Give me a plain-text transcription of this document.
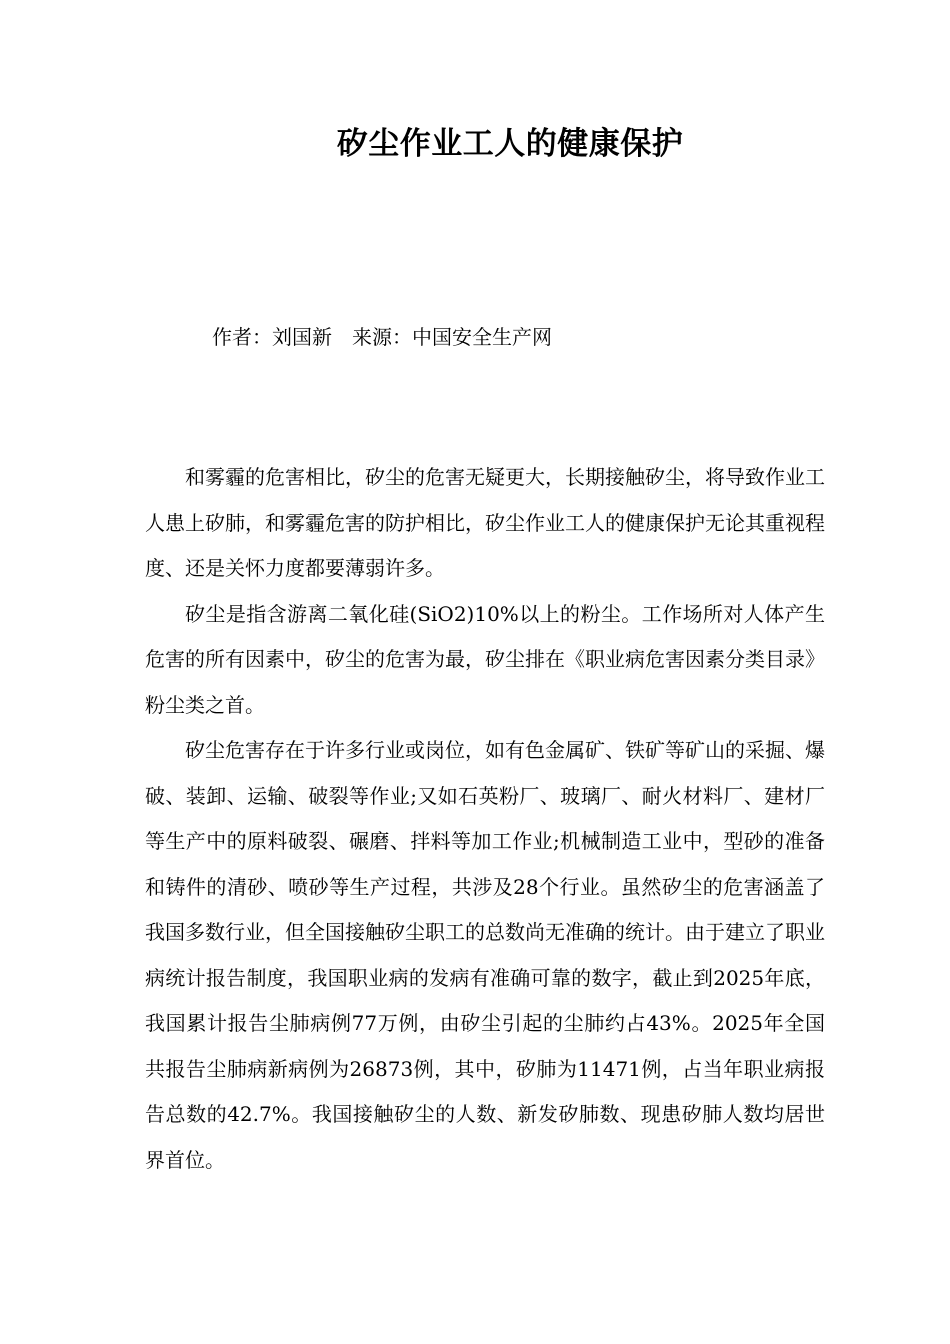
矽尘作业工人的健康保护
作者：刘国新　来源：中国安全生产网

和雾霾的危害相比，矽尘的危害无疑更大，长期接触矽尘，将导致作业工人患上矽肺，和雾霾危害的防护相比，矽尘作业工人的健康保护无论其重视程度、还是关怀力度都要薄弱许多。

矽尘是指含游离二氧化硅(SiO2)10%以上的粉尘。工作场所对人体产生危害的所有因素中，矽尘的危害为最，矽尘排在《职业病危害因素分类目录》粉尘类之首。

矽尘危害存在于许多行业或岗位，如有色金属矿、铁矿等矿山的采掘、爆破、装卸、运输、破裂等作业;又如石英粉厂、玻璃厂、耐火材料厂、建材厂等生产中的原料破裂、碾磨、拌料等加工作业;机械制造工业中，型砂的准备和铸件的清砂、喷砂等生产过程，共涉及28个行业。虽然矽尘的危害涵盖了我国多数行业，但全国接触矽尘职工的总数尚无准确的统计。由于建立了职业病统计报告制度，我国职业病的发病有准确可靠的数字，截止到2025年底，我国累计报告尘肺病例77万例，由矽尘引起的尘肺约占43%。2025年全国共报告尘肺病新病例为26873例，其中，矽肺为11471例，占当年职业病报告总数的42.7%。我国接触矽尘的人数、新发矽肺数、现患矽肺人数均居世界首位。
